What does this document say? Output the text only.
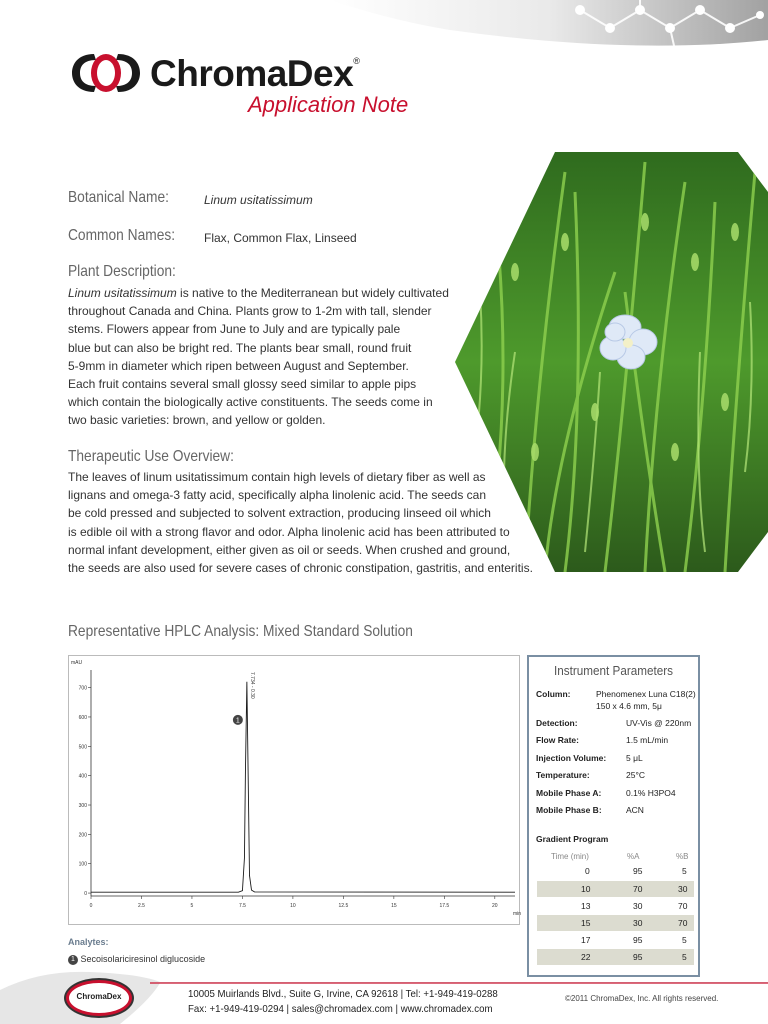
ChromaDex®
Application Note
Botanical Name:	Linum usitatissimum
Common Names: Flax, Common Flax, Linseed
Plant Description:
Linum usitatissimum is native to the Mediterranean but widely cultivated
throughout Canada and China. Plants grow to 1-2m with tall, slender
stems. Flowers appear from June to July and are typically pale
blue but can also be bright red. The plants bear small, round fruit
5-9mm in diameter which ripen between August and September.
Each fruit contains several small glossy seed similar to apple pips
which contain the biologically active constituents. The seeds come in
two basic varieties: brown, and yellow or golden.
Therapeutic Use Overview:
The leaves of linum usitatissimum contain high levels of dietary fiber as well as
lignans and omega-3 fatty acid, specifically alpha linolenic acid. The seeds can
be cold pressed and subjected to solvent extraction, producing linseed oil which
is edible oil with a strong flavor and odor. Alpha linolenic acid has been attributed to
normal infant development, either given as oil or seeds. When crushed and ground,
the seeds are also used for severe cases of chronic constipation, gastritis, and enteritis.
Representative HPLC Analysis: Mixed Standard Solution
mAU
min
0
100
200
300
400
500
600
700
0	2.5	5	7.5	10	12.5	15	17.5	20
7.734 - 0.30
1
Analytes:
1 Secoisolariciresinol diglucoside
Instrument Parameters
Column:	Phenomenex Luna C18(2)
150 x 4.6 mm, 5μ
Detection:	UV-Vis @ 220nm
Flow Rate:	1.5 mL/min
Injection Volume: 5 μL
Temperature:	25°C
Mobile Phase A:	0.1% H3PO4
Mobile Phase B:	ACN
Gradient Program
Time (min)	%A	%B
0	95	5
10	70	30
13	30	70
15	30	70
17	95	5
22	95	5
ChromaDex	10005 Muirlands Blvd., Suite G, Irvine, CA 92618 | Tel: +1-949-419-0288
Fax: +1-949-419-0294 | sales@chromadex.com | www.chromadex.com
©2011 ChromaDex, Inc. All rights reserved.
